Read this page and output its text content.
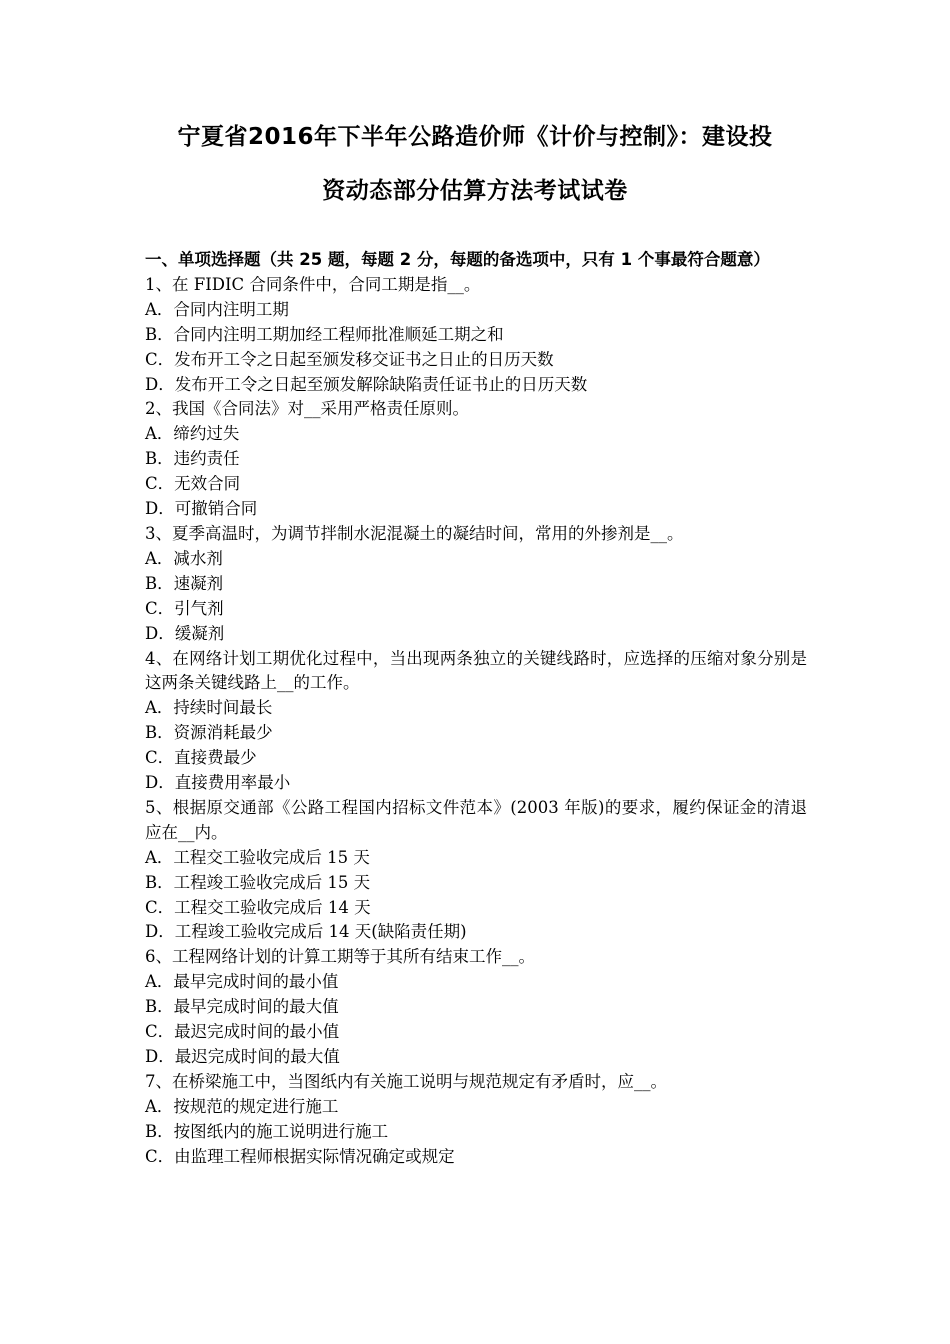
宁夏省2016年下半年公路造价师《计价与控制》：建设投
资动态部分估算方法考试试卷

一、单项选择题（共 25 题，每题 2 分，每题的备选项中，只有 1 个事最符合题意）

1、在 FIDIC 合同条件中，合同工期是指__。

A．合同内注明工期

B．合同内注明工期加经工程师批准顺延工期之和

C．发布开工令之日起至颁发移交证书之日止的日历天数

D．发布开工令之日起至颁发解除缺陷责任证书止的日历天数

2、我国《合同法》对__采用严格责任原则。

A．缔约过失

B．违约责任

C．无效合同

D．可撤销合同

3、夏季高温时，为调节拌制水泥混凝土的凝结时间，常用的外掺剂是__。

A．减水剂

B．速凝剂

C．引气剂

D．缓凝剂

4、在网络计划工期优化过程中，当出现两条独立的关键线路时，应选择的压缩对象分别是这两条关键线路上__的工作。

A．持续时间最长

B．资源消耗最少

C．直接费最少

D．直接费用率最小

5、根据原交通部《公路工程国内招标文件范本》(2003 年版)的要求，履约保证金的清退应在__内。

A．工程交工验收完成后 15 天

B．工程竣工验收完成后 15 天

C．工程交工验收完成后 14 天

D．工程竣工验收完成后 14 天(缺陷责任期)

6、工程网络计划的计算工期等于其所有结束工作__。

A．最早完成时间的最小值

B．最早完成时间的最大值

C．最迟完成时间的最小值

D．最迟完成时间的最大值

7、在桥梁施工中，当图纸内有关施工说明与规范规定有矛盾时，应__。

A．按规范的规定进行施工

B．按图纸内的施工说明进行施工

C．由监理工程师根据实际情况确定或规定
